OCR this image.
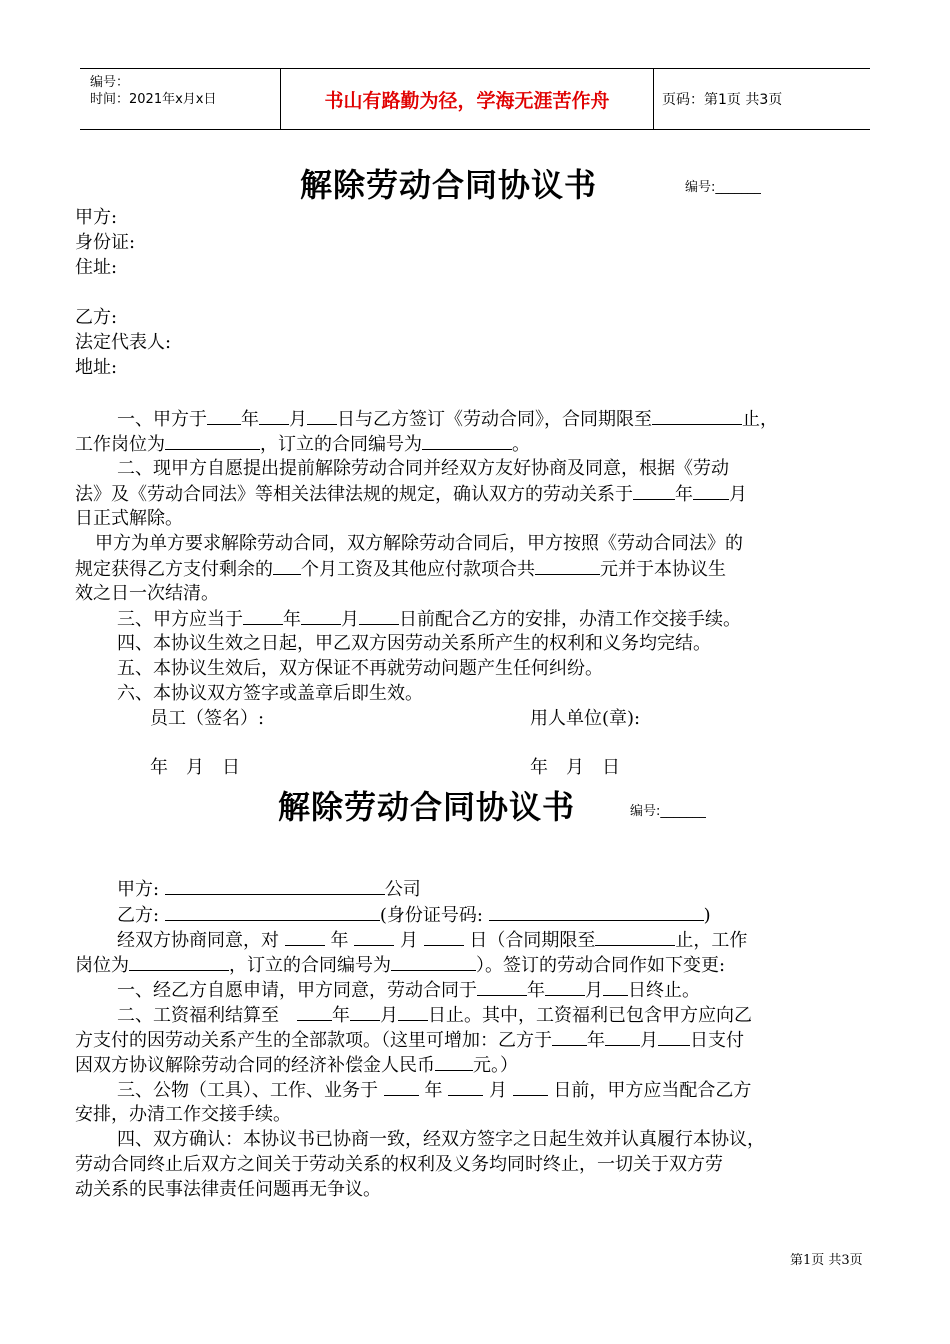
编号：
时间：2021年x月x日	书山有路勤为径，学海无涯苦作舟	页码：第1页 共3页
解除劳动合同协议书	编号:_______
甲方:
身份证:
住址:
乙方:
法定代表人:
地址:
一、甲方于 年 月 日与乙方签订《劳动合同》，合同期限至	止，
工作岗位为	，订立的合同编号为	。
二、现甲方自愿提出提前解除劳动合同并经双方友好协商及同意，根据《劳动
法》及《劳动合同法》等相关法律法规的规定，确认双方的劳动关系于 年 月
日正式解除。
甲方为单方要求解除劳动合同，双方解除劳动合同后，甲方按照《劳动合同法》的
规定获得乙方支付剩余的 个月工资及其他应付款项合共	元并于本协议生
效之日一次结清。
三、甲方应当于 年 月 日前配合乙方的安排，办清工作交接手续。
四、本协议生效之日起，甲乙双方因劳动关系所产生的权利和义务均完结。
五、本协议生效后，双方保证不再就劳动问题产生任何纠纷。
六、本协议双方签字或盖章后即生效。
员工（签名）:	用人单位(章):
年　月　日	年　月　日
解除劳动合同协议书	编号:_______
甲方:	公司
乙方:	(身份证号码:	)
经双方协商同意，对	年	月	日（合同期限至	止，工作
岗位为	，订立的合同编号为	）。签订的劳动合同作如下变更:
一、经乙方自愿申请，甲方同意，劳动合同于	年 月 日终止。
二、工资福利结算至　年 月 日止。其中，工资福利已包含甲方应向乙
方支付的因劳动关系产生的全部款项。（这里可增加：乙方于 年 月 日支付
因双方协议解除劳动合同的经济补偿金人民币 元。）
三、公物（工具）、工作、业务于	年	月	日前，甲方应当配合乙方
安排，办清工作交接手续。
四、双方确认：本协议书已协商一致，经双方签字之日起生效并认真履行本协议，
劳动合同终止后双方之间关于劳动关系的权利及义务均同时终止，一切关于双方劳
动关系的民事法律责任问题再无争议。
第1页 共3页
